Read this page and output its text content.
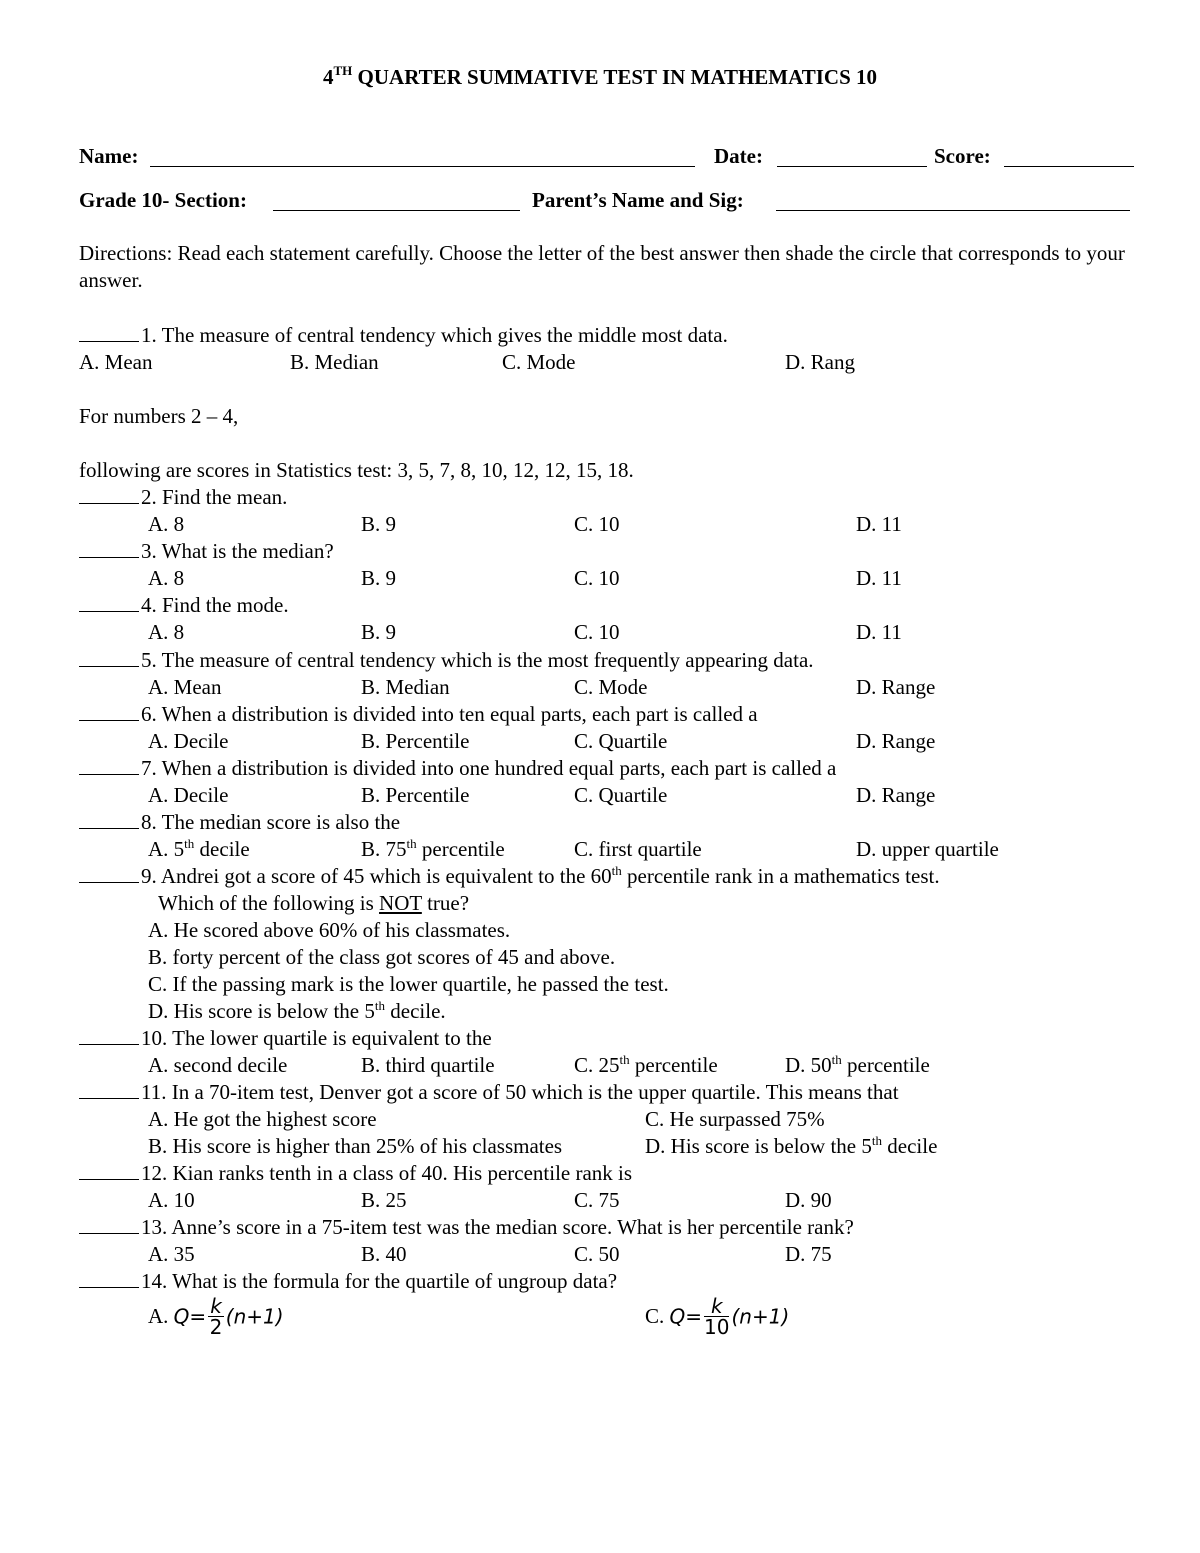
4TH QUARTER SUMMATIVE TEST IN MATHEMATICS 10
Name:	Date:	Score:
Grade 10- Section:	Parent’s Name and Sig:
Directions: Read each statement carefully. Choose the letter of the best answer then shade the circle that corresponds to your answer.
1. The measure of central tendency which gives the middle most data.
A. Mean	B. Median	C. Mode	D. Rang
For numbers 2 – 4,
following are scores in Statistics test: 3, 5, 7, 8, 10, 12, 12, 15, 18.
2. Find the mean.
A. 8	B. 9	C. 10	D. 11
3. What is the median?
A. 8	B. 9	C. 10	D. 11
4. Find the mode.
A. 8	B. 9	C. 10	D. 11
5. The measure of central tendency which is the most frequently appearing data.
A. Mean	B. Median	C. Mode	D. Range
6. When a distribution is divided into ten equal parts, each part is called a
A. Decile	B. Percentile	C. Quartile	D. Range
7. When a distribution is divided into one hundred equal parts, each part is called a
A. Decile	B. Percentile	C. Quartile	D. Range
8. The median score is also the
A. 5th decile	B. 75th percentile	C. first quartile	D. upper quartile
9. Andrei got a score of 45 which is equivalent to the 60th percentile rank in a mathematics test.
Which of the following is NOT true?
A. He scored above 60% of his classmates.
B. forty percent of the class got scores of 45 and above.
C. If the passing mark is the lower quartile, he passed the test.
D. His score is below the 5th decile.
10. The lower quartile is equivalent to the
A. second decile	B. third quartile	C. 25th percentile	D. 50th percentile
11. In a 70-item test, Denver got a score of 50 which is the upper quartile. This means that
A. He got the highest score	C. He surpassed 75%
B. His score is higher than 25% of his classmates	D. His score is below the 5th decile
12. Kian ranks tenth in a class of 40. His percentile rank is
A. 10	B. 25	C. 75	D. 90
13. Anne’s score in a 75-item test was the median score. What is her percentile rank?
A. 35	B. 40	C. 50	D. 75
14. What is the formula for the quartile of ungroup data?
A. $Q= \frac{k}{2} (n+1)$	C. $Q= \frac{k}{10} (n+1)$
